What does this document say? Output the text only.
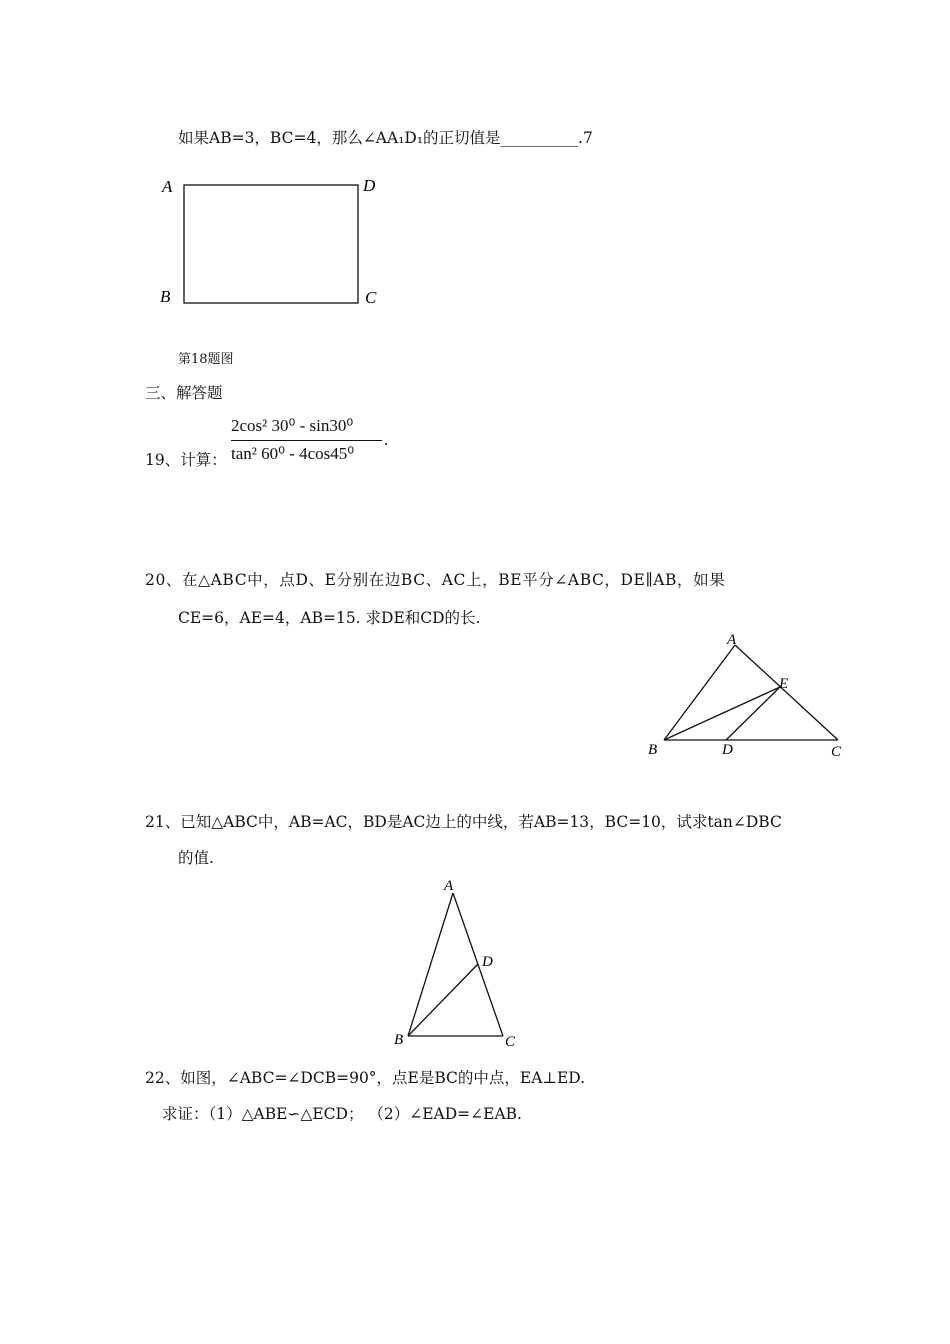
如果AB=3，BC=4，那么∠AA₁D₁的正切值是__________.7
A	D
B	C
第18题图
三、解答题
19、计算：
2cos² 30⁰ - sin30⁰
tan² 60⁰ - 4cos45⁰
.
20、在△ABC中，点D、E分别在边BC、AC上，BE平分∠ABC，DE∥AB，如果
CE=6，AE=4，AB=15. 求DE和CD的长.
A
E
B	D	C
21、已知△ABC中，AB=AC，BD是AC边上的中线，若AB=13，BC=10，试求tan∠DBC
的值.
A
D
B	C
22、如图，∠ABC=∠DCB=90°，点E是BC的中点，EA⊥ED.
求证：（1）△ABE∽△ECD； （2）∠EAD=∠EAB.
